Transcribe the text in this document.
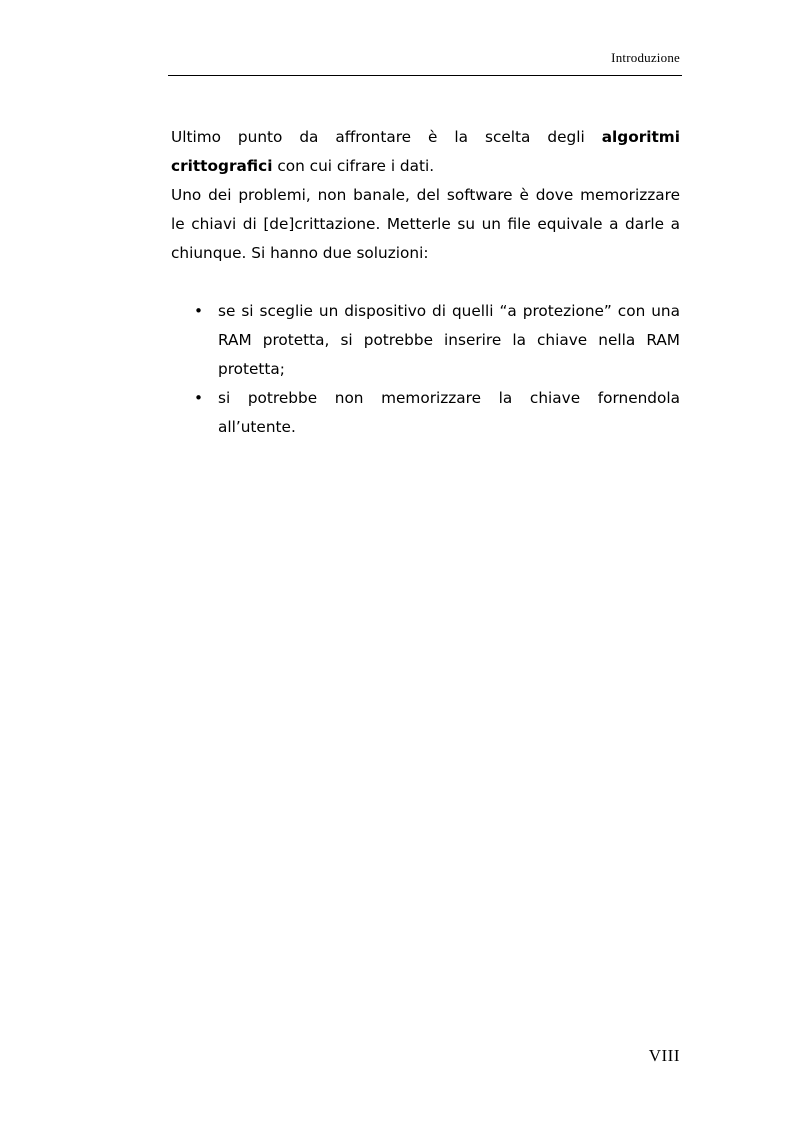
Introduzione

Ultimo punto da affrontare è la scelta degli algoritmi crittografici con cui cifrare i dati.

Uno dei problemi, non banale, del software è dove memorizzare le chiavi di [de]crittazione. Metterle su un file equivale a darle a chiunque. Si hanno due soluzioni:

• se si sceglie un dispositivo di quelli “a protezione” con una RAM protetta, si potrebbe inserire la chiave nella RAM protetta;
• si potrebbe non memorizzare la chiave fornendola all’utente.
VIII
